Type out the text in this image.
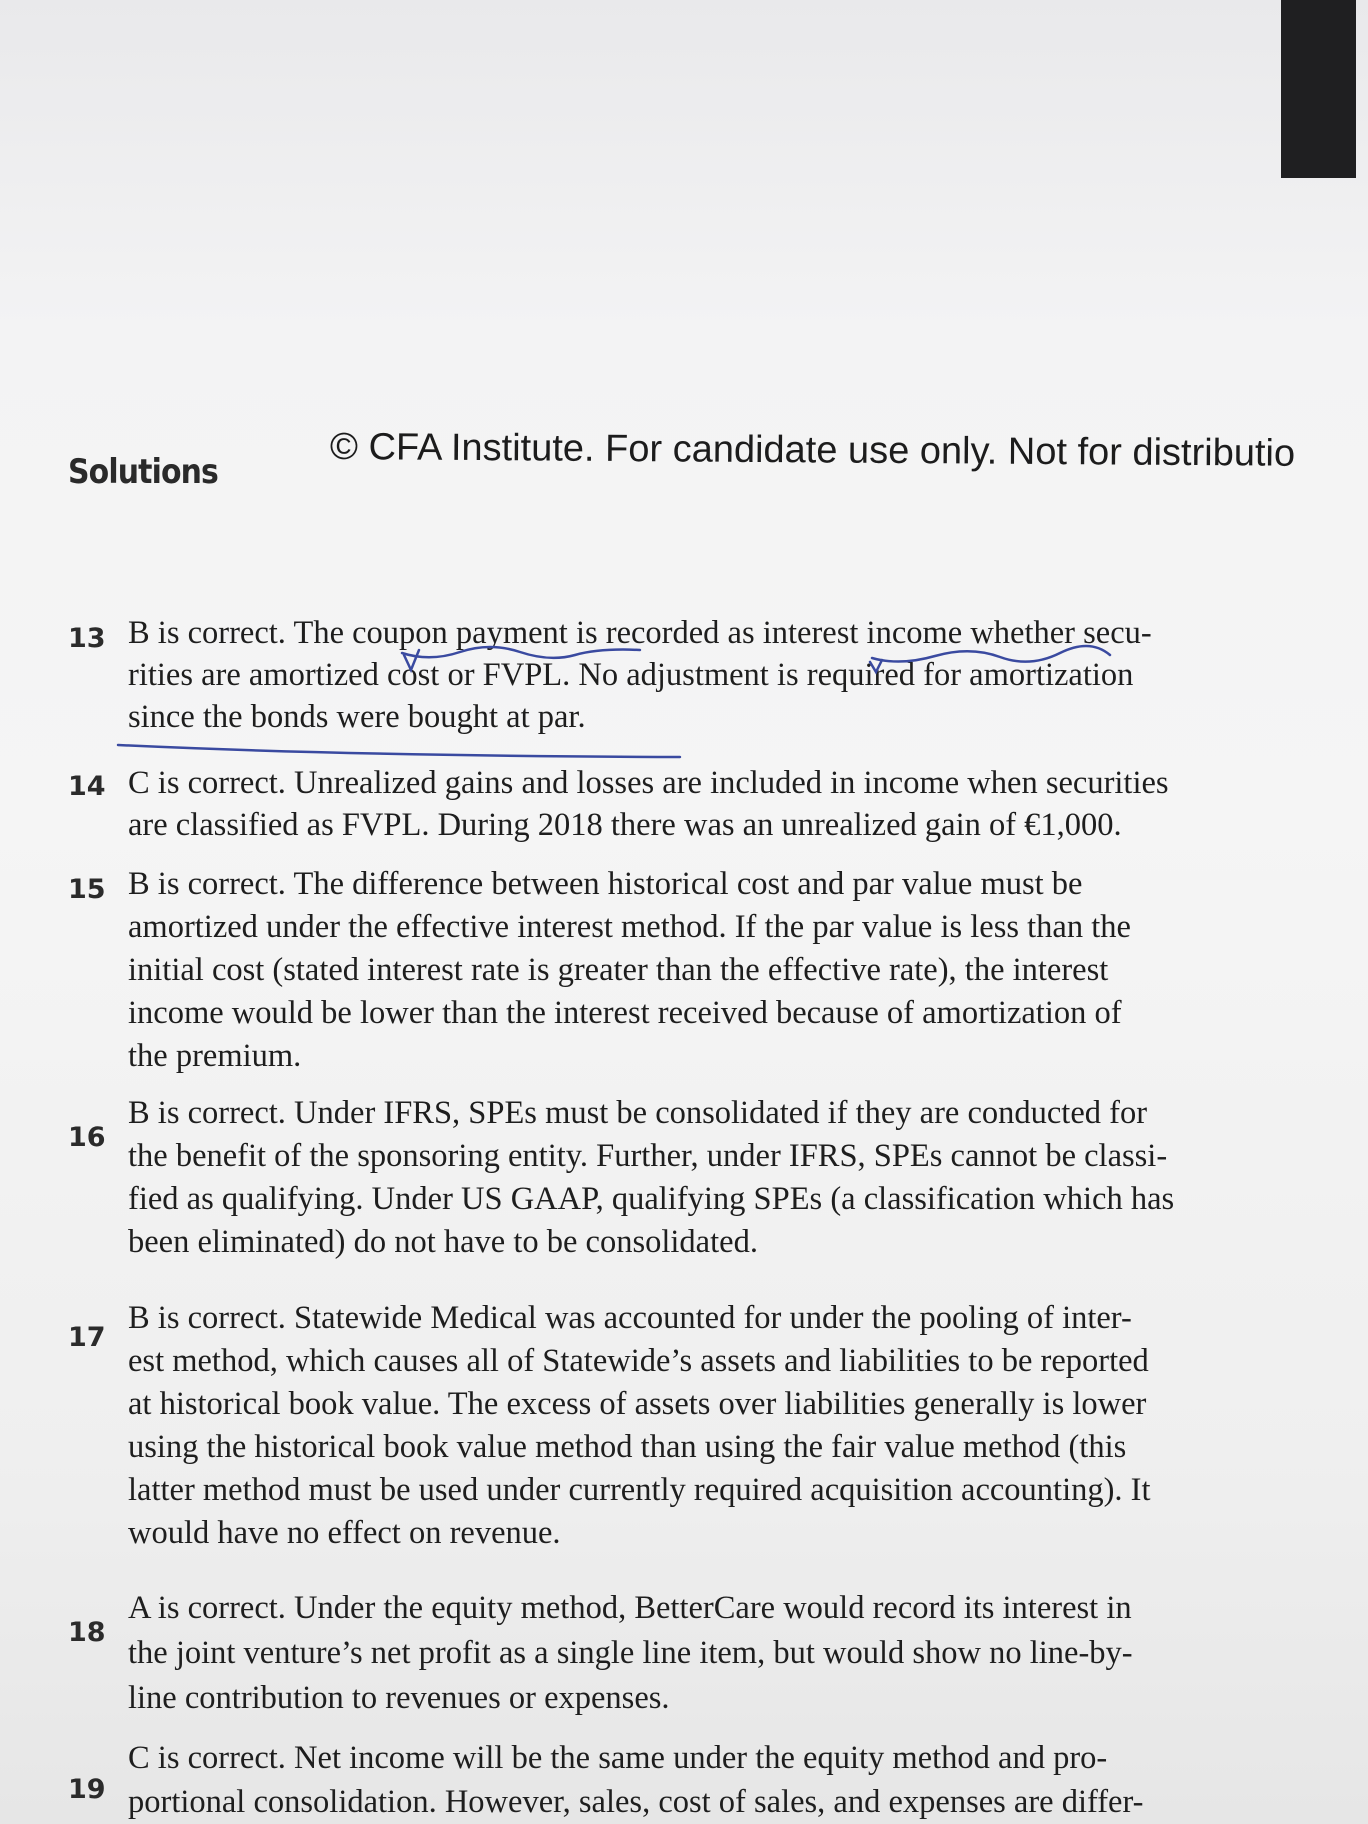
Solutions	© CFA Institute. For candidate use only. Not for distributio
13 B is correct. The coupon payment is recorded as interest income whether secu-
rities are amortized cost or FVPL. No adjustment is required for amortization
since the bonds were bought at par.
14 C is correct. Unrealized gains and losses are included in income when securities
are classified as FVPL. During 2018 there was an unrealized gain of €1,000.
15 B is correct. The difference between historical cost and par value must be
amortized under the effective interest method. If the par value is less than the
initial cost (stated interest rate is greater than the effective rate), the interest
income would be lower than the interest received because of amortization of
the premium.
16
B is correct. Under IFRS, SPEs must be consolidated if they are conducted for
the benefit of the sponsoring entity. Further, under IFRS, SPEs cannot be classi-
fied as qualifying. Under US GAAP, qualifying SPEs (a classification which has
been eliminated) do not have to be consolidated.
17
B is correct. Statewide Medical was accounted for under the pooling of inter-
est method, which causes all of Statewide’s assets and liabilities to be reported
at historical book value. The excess of assets over liabilities generally is lower
using the historical book value method than using the fair value method (this
latter method must be used under currently required acquisition accounting). It
would have no effect on revenue.
18
A is correct. Under the equity method, BetterCare would record its interest in
the joint venture’s net profit as a single line item, but would show no line-by-
line contribution to revenues or expenses.
19
C is correct. Net income will be the same under the equity method and pro-
portional consolidation. However, sales, cost of sales, and expenses are differ-
